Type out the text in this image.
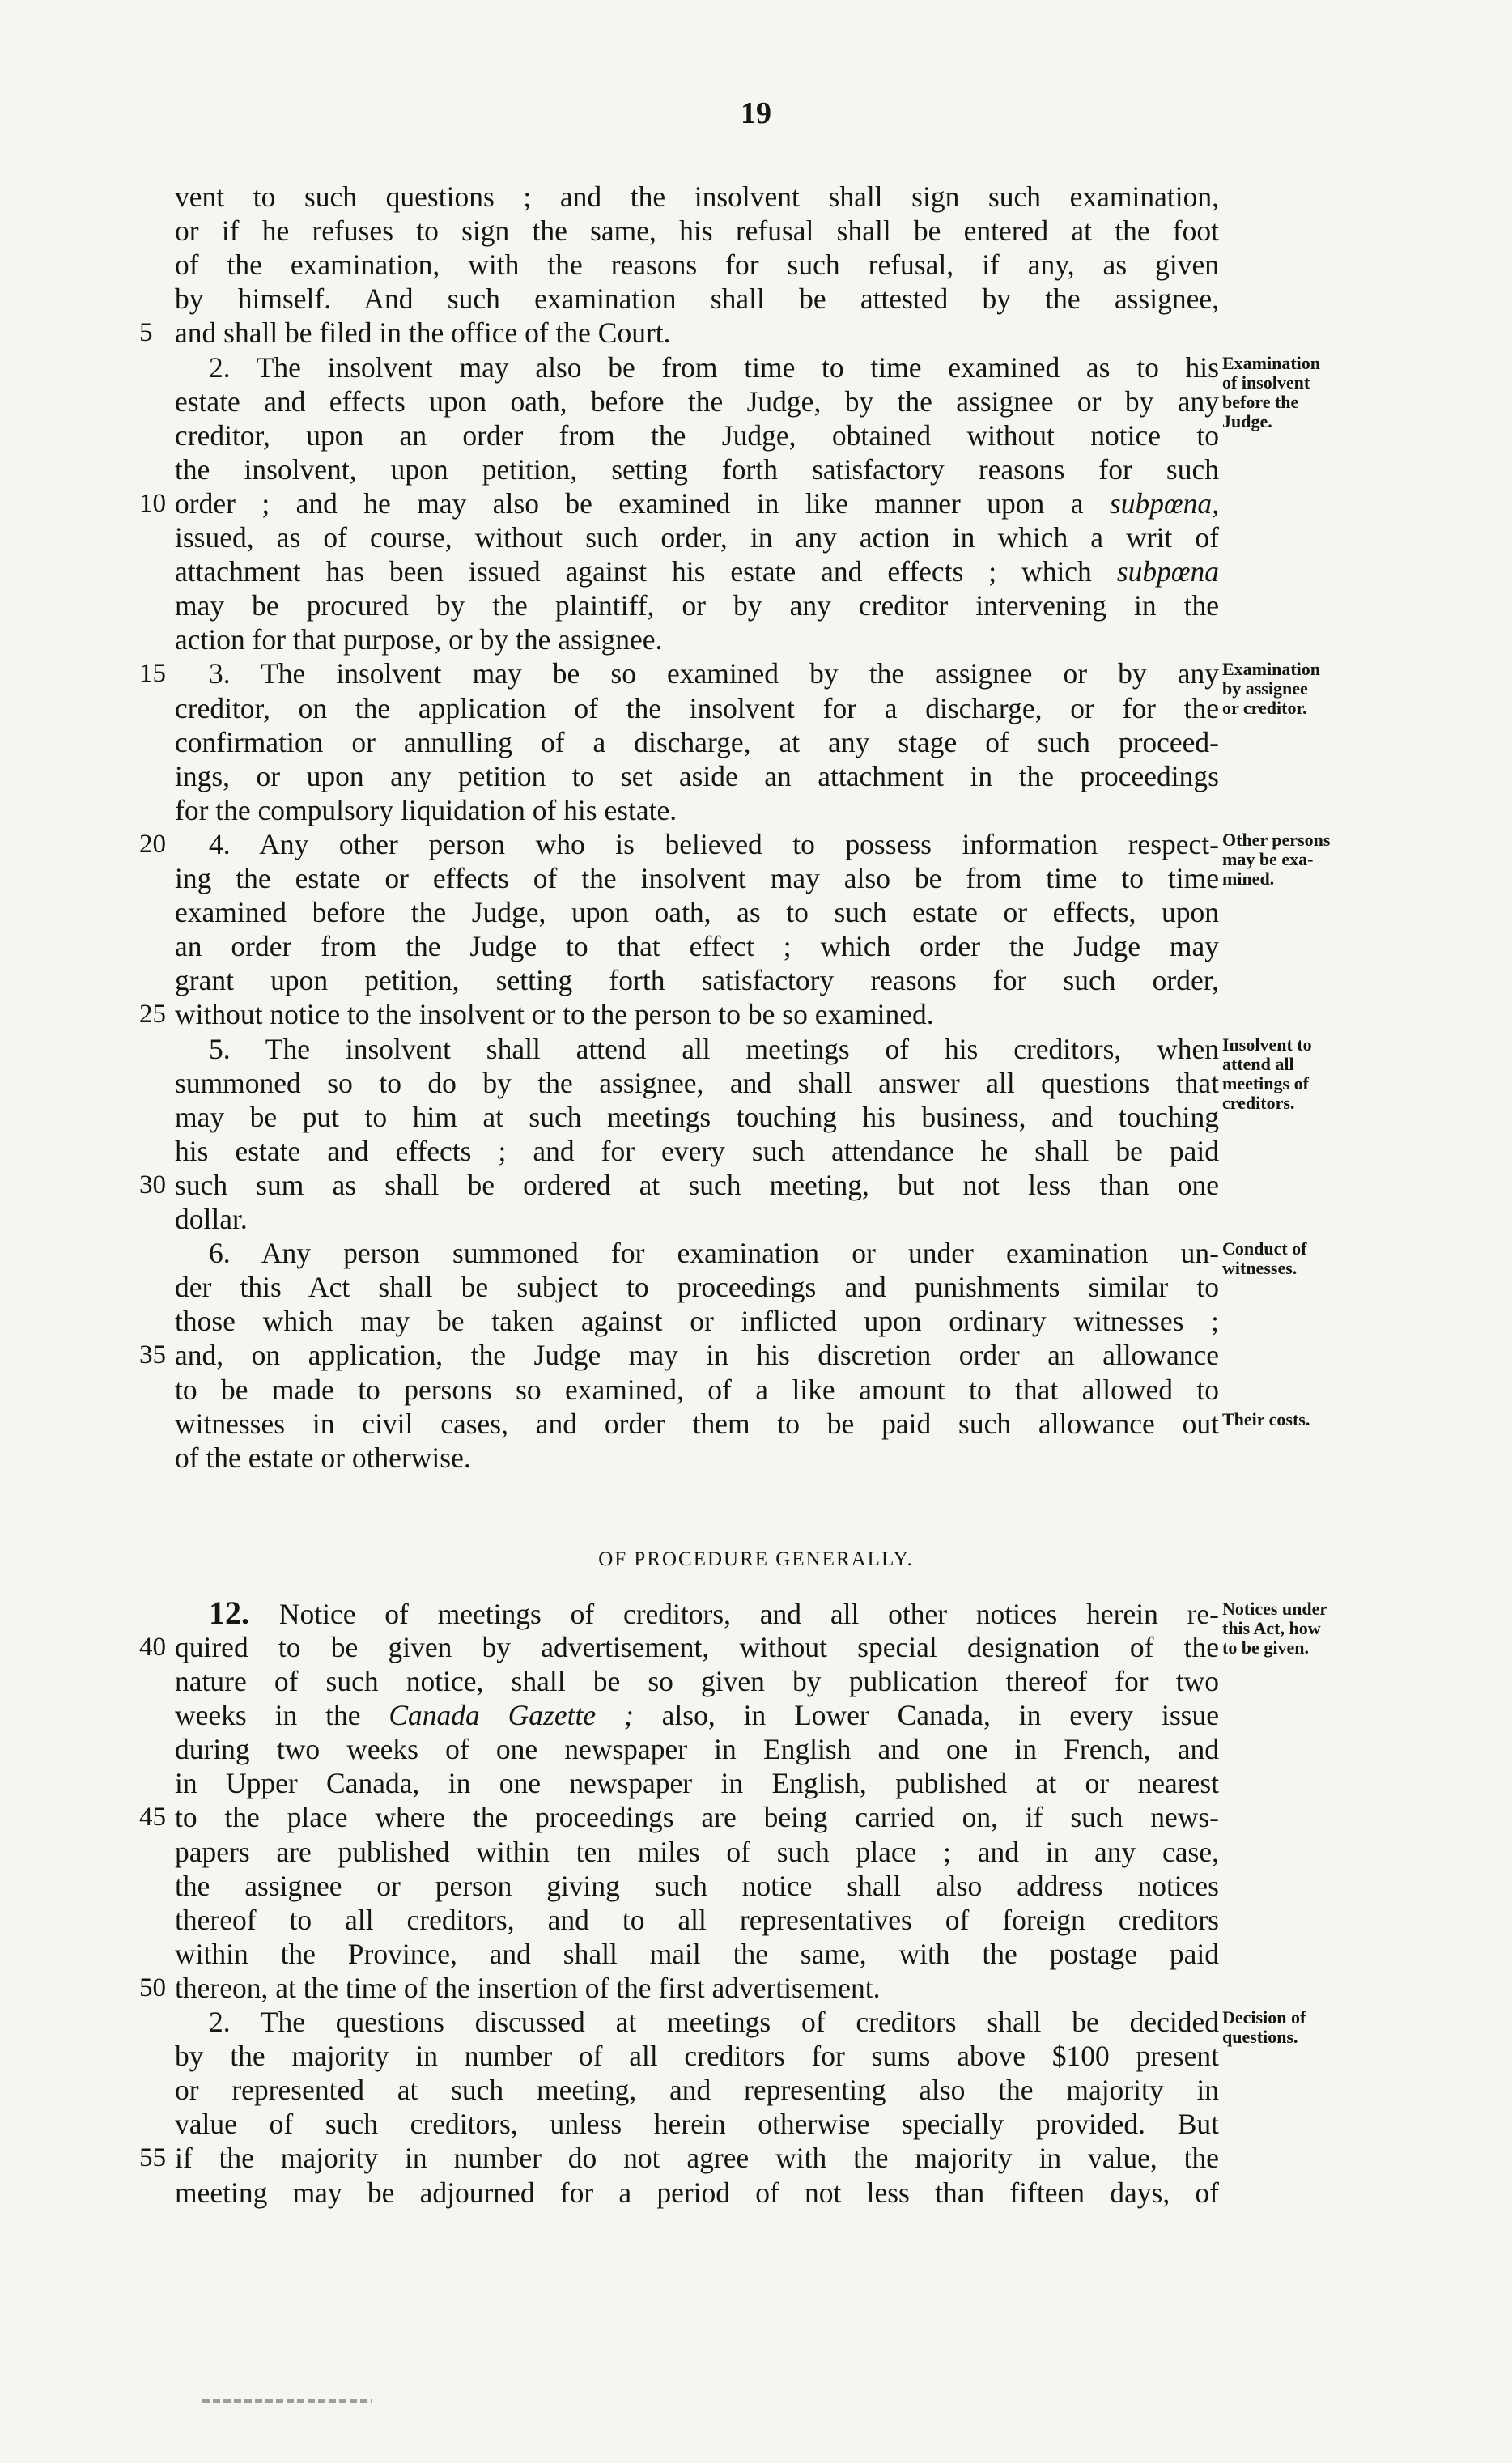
19
OF PROCEDURE GENERALLY.
vent to such questions ; and the insolvent shall sign such examination,
or if he refuses to sign the same, his refusal shall be entered at the foot
of the examination, with the reasons for such refusal, if any, as given
by himself. And such examination shall be attested by the assignee,
and shall be filed in the office of the Court.
5
2. The insolvent may also be from time to time examined as to his
estate and effects upon oath, before the Judge, by the assignee or by any
creditor, upon an order from the Judge, obtained without notice to
the insolvent, upon petition, setting forth satisfactory reasons for such
order ; and he may also be examined in like manner upon a subpœna,
10
issued, as of course, without such order, in any action in which a writ of
attachment has been issued against his estate and effects ; which subpœna
may be procured by the plaintiff, or by any creditor intervening in the
action for that purpose, or by the assignee.
3. The insolvent may be so examined by the assignee or by any
15
creditor, on the application of the insolvent for a discharge, or for the
confirmation or annulling of a discharge, at any stage of such proceed-
ings, or upon any petition to set aside an attachment in the proceedings
for the compulsory liquidation of his estate.
4. Any other person who is believed to possess information respect-
20
ing the estate or effects of the insolvent may also be from time to time
examined before the Judge, upon oath, as to such estate or effects, upon
an order from the Judge to that effect ; which order the Judge may
grant upon petition, setting forth satisfactory reasons for such order,
without notice to the insolvent or to the person to be so examined.
25
5. The insolvent shall attend all meetings of his creditors, when
summoned so to do by the assignee, and shall answer all questions that
may be put to him at such meetings touching his business, and touching
his estate and effects ; and for every such attendance he shall be paid
such sum as shall be ordered at such meeting, but not less than one
30
dollar.
6. Any person summoned for examination or under examination un-
der this Act shall be subject to proceedings and punishments similar to
those which may be taken against or inflicted upon ordinary witnesses ;
and, on application, the Judge may in his discretion order an allowance
35
to be made to persons so examined, of a like amount to that allowed to
witnesses in civil cases, and order them to be paid such allowance out
of the estate or otherwise.
12. Notice of meetings of creditors, and all other notices herein re-
quired to be given by advertisement, without special designation of the
40
nature of such notice, shall be so given by publication thereof for two
weeks in the Canada Gazette ; also, in Lower Canada, in every issue
during two weeks of one newspaper in English and one in French, and
in Upper Canada, in one newspaper in English, published at or nearest
to the place where the proceedings are being carried on, if such news-
45
papers are published within ten miles of such place ; and in any case,
the assignee or person giving such notice shall also address notices
thereof to all creditors, and to all representatives of foreign creditors
within the Province, and shall mail the same, with the postage paid
thereon, at the time of the insertion of the first advertisement.
50
2. The questions discussed at meetings of creditors shall be decided
by the majority in number of all creditors for sums above $100 present
or represented at such meeting, and representing also the majority in
value of such creditors, unless herein otherwise specially provided. But
if the majority in number do not agree with the majority in value, the
55
meeting may be adjourned for a period of not less than fifteen days, of
Examination
of insolvent
before the
Judge.
Examination
by assignee
or creditor.
Other persons
may be exa-
mined.
Insolvent to
attend all
meetings of
creditors.
Conduct of
witnesses.
Their costs.
Notices under
this Act, how
to be given.
Decision of
questions.
